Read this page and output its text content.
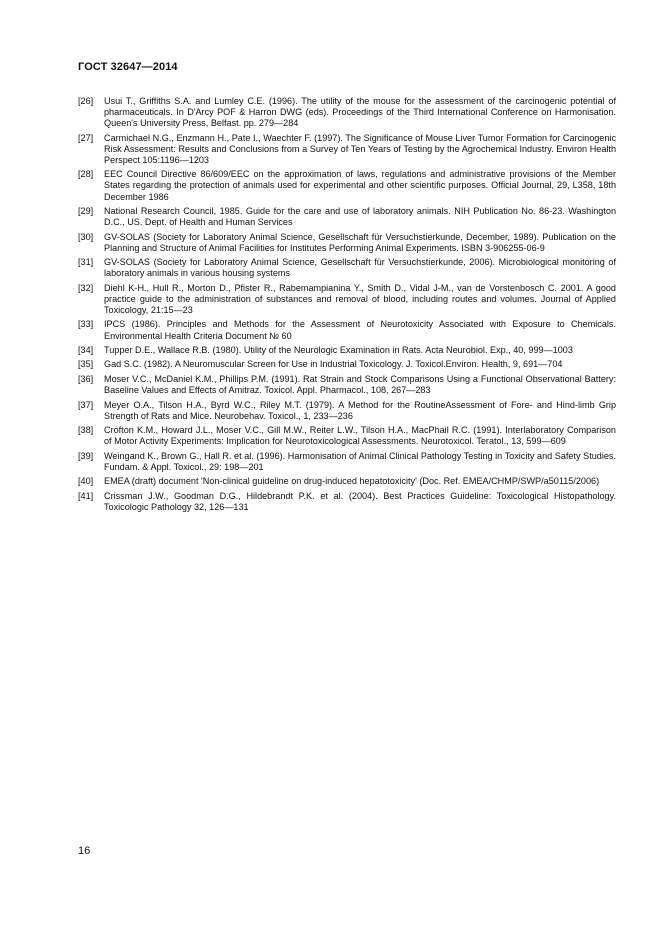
ГОСТ 32647—2014
[26]	Usui T., Griffiths S.A. and Lumley C.E. (1996). The utility of the mouse for the assessment of the carcinogenic potential of pharmaceuticals. In D'Arcy POF & Harron DWG (eds). Proceedings of the Third International Conference on Harmonisation. Queen's University Press, Belfast. pp. 279—284
[27]	Carmichael N.G., Enzmann H., Pate I., Waechter F. (1997). The Significance of Mouse Liver Tumor Formation for Carcinogenic Risk Assessment: Results and Conclusions from a Survey of Ten Years of Testing by the Agrochemical Industry. Environ Health Perspect 105:1196—1203
[28]	EEC Council Directive 86/609/EEC on the approximation of laws, regulations and administrative provisions of the Member States regarding the protection of animals used for experimental and other scientific purposes. Official Journal, 29, L358, 18th December 1986
[29]	National Research Council, 1985. Guide for the care and use of laboratory animals. NIH Publication No. 86-23. Washington D.C., US. Dept. of Health and Human Services
[30]	GV-SOLAS (Society for Laboratory Animal Science, Gesellschaft für Versuchstierkunde, December, 1989). Publication on the Planning and Structure of Animal Facilities for Institutes Performing Animal Experiments. ISBN 3-906255-06-9
[31]	GV-SOLAS (Society for Laboratory Animal Science, Gesellschaft für Versuchstierkunde, 2006). Microbiological monitoring of laboratory animals in various housing systems
[32]	Diehl K-H., Hull R., Morton D., Pfister R., Rabemampianina Y., Smith D., Vidal J-M., van de Vorstenbosch C. 2001. A good practice guide to the administration of substances and removal of blood, including routes and volumes. Journal of Applied Toxicology, 21:15—23
[33]	IPCS (1986). Principles and Methods for the Assessment of Neurotoxicity Associated with Exposure to Chemicals. Environmental Health Criteria Document № 60
[34]	Tupper D.E., Wallace R.B. (1980). Utility of the Neurologic Examination in Rats. Acta Neurobiol. Exp., 40, 999—1003
[35]	Gad S.C. (1982). A Neuromuscular Screen for Use in Industrial Toxicology. J. Toxicol.Environ. Health, 9, 691—704
[36]	Moser V.C., McDaniel K.M., Phillips P.M. (1991). Rat Strain and Stock Comparisons Using a Functional Observational Battery: Baseline Values and Effects of Amitraz. Toxicol. Appl. Pharmacol., 108, 267—283
[37]	Meyer O.A., Tilson H.A., Byrd W.C., Riley M.T. (1979). A Method for the RoutineAssessment of Fore- and Hind-limb Grip Strength of Rats and Mice. Neurobehav. Toxicol., 1, 233—236
[38]	Crofton K.M., Howard J.L., Moser V.C., Gill M.W., Reiter L.W., Tilson H.A., MacPhail R.C. (1991). Interlaboratory Comparison of Motor Activity Experiments: Implication for Neurotoxicological Assessments. Neurotoxicol. Teratol., 13, 599—609
[39]	Weingand K., Brown G., Hall R. et al. (1996). Harmonisation of Animal Clinical Pathology Testing in Toxicity and Safety Studies. Fundam. & Appl. Toxicol., 29: 198—201
[40]	EMEA (draft) document 'Non-clinical guideline on drug-induced hepatotoxicity' (Doc. Ref. EMEA/CHMP/SWP/a50115/2006)
[41]	Crissman J.W., Goodman D.G., Hildebrandt P.K. et al. (2004). Best Practices Guideline: Toxicological Histopathology. Toxicologic Pathology 32, 126—131
16
